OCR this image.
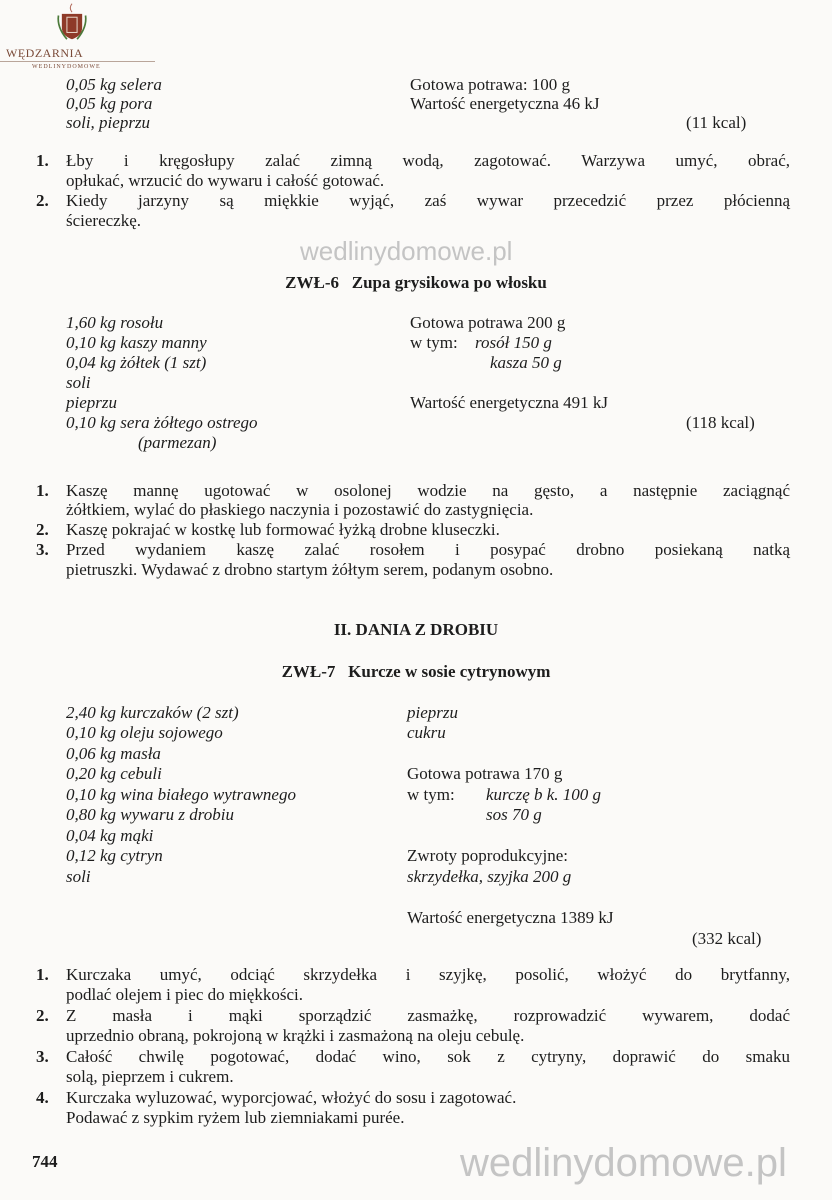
wedlinydomowe.pl
wedlinydomowe.pl
WĘDZARNIA
WEDLINYDOMOWE
0,05 kg selera
0,05 kg pora
soli, pieprzu
Gotowa potrawa: 100 g
Wartość energetyczna 46 kJ
(11 kcal)
1. Łby i kręgosłupy zalać zimną wodą, zagotować. Warzywa umyć, obrać,
opłukać, wrzucić do wywaru i całość gotować.
2. Kiedy jarzyny są miękkie wyjąć, zaś wywar przecedzić przez płócienną
ściereczkę.
ZWŁ-6 Zupa grysikowa po włosku
1,60 kg rosołu
0,10 kg kaszy manny
0,04 kg żółtek (1 szt)
soli
pieprzu
0,10 kg sera żółtego ostrego
(parmezan)
Gotowa potrawa 200 g
w tym: rosół 150 g
kasza 50 g
Wartość energetyczna 491 kJ
(118 kcal)
1. Kaszę mannę ugotować w osolonej wodzie na gęsto, a następnie zaciągnąć
żółtkiem, wylać do płaskiego naczynia i pozostawić do zastygnięcia.
2. Kaszę pokrajać w kostkę lub formować łyżką drobne kluseczki.
3. Przed wydaniem kaszę zalać rosołem i posypać drobno posiekaną natką
pietruszki. Wydawać z drobno startym żółtym serem, podanym osobno.
II. DANIA Z DROBIU
ZWŁ-7 Kurcze w sosie cytrynowym
2,40 kg kurczaków (2 szt)
0,10 kg oleju sojowego
0,06 kg masła
0,20 kg cebuli
0,10 kg wina białego wytrawnego
0,80 kg wywaru z drobiu
0,04 kg mąki
0,12 kg cytryn
soli
pieprzu
cukru
Gotowa potrawa 170 g
w tym: kurczę b k. 100 g
sos 70 g
Zwroty poprodukcyjne:
skrzydełka, szyjka 200 g
Wartość energetyczna 1389 kJ
(332 kcal)
1. Kurczaka umyć, odciąć skrzydełka i szyjkę, posolić, włożyć do brytfanny,
podlać olejem i piec do miękkości.
2. Z masła i mąki sporządzić zasmażkę, rozprowadzić wywarem, dodać
uprzednio obraną, pokrojoną w krążki i zasmażoną na oleju cebulę.
3. Całość chwilę pogotować, dodać wino, sok z cytryny, doprawić do smaku
solą, pieprzem i cukrem.
4. Kurczaka wyluzować, wyporcjować, włożyć do sosu i zagotować.
Podawać z sypkim ryżem lub ziemniakami purée.
744
